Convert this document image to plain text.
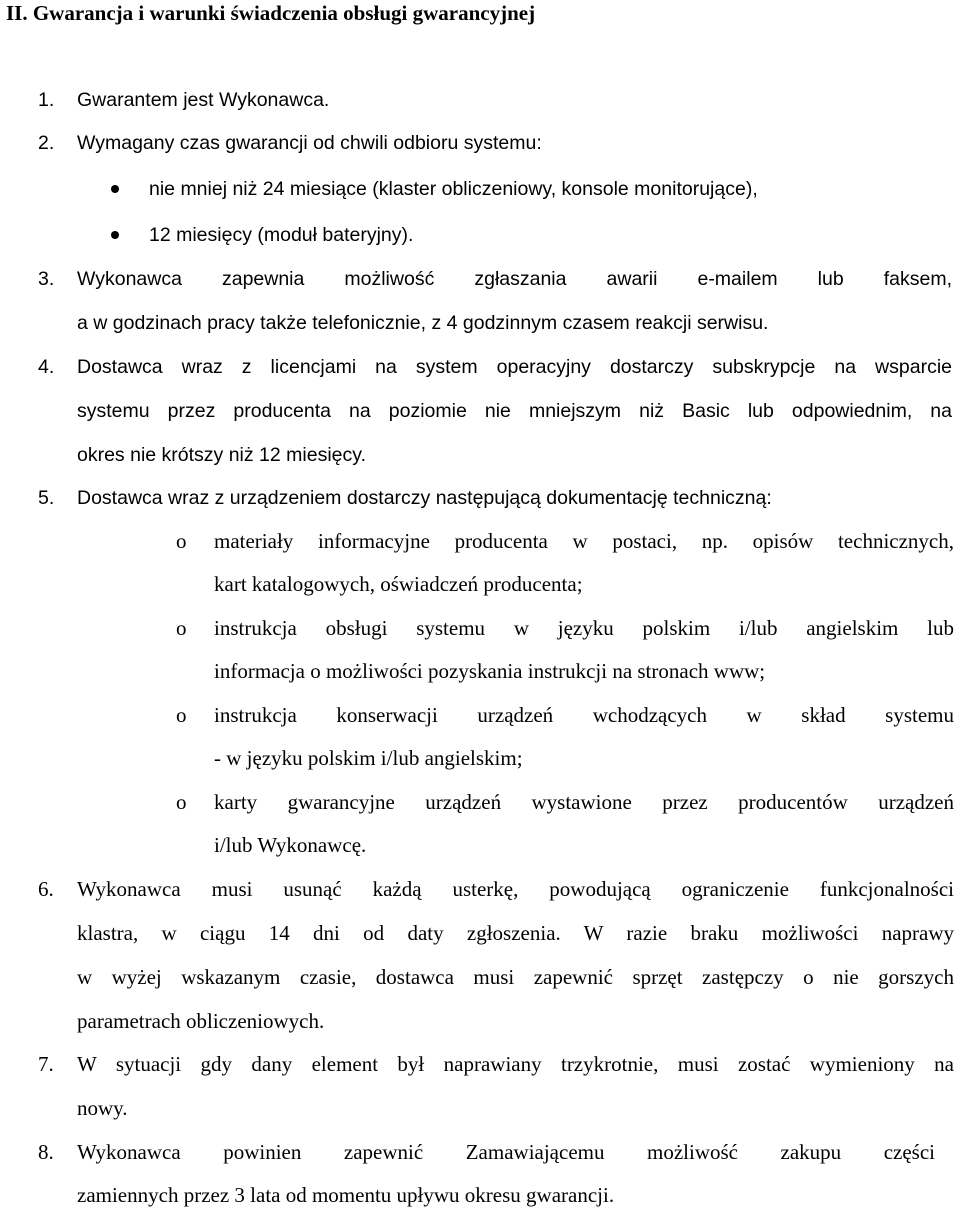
II. Gwarancja i warunki świadczenia obsługi gwarancyjnej
1. Gwarantem jest Wykonawca.
2. Wymagany czas gwarancji od chwili odbioru systemu:
nie mniej niż 24 miesiące (klaster obliczeniowy, konsole monitorujące),
12 miesięcy (moduł bateryjny).
3. Wykonawca zapewnia możliwość zgłaszania awarii e-mailem lub faksem,
a w godzinach pracy także telefonicznie, z 4 godzinnym czasem reakcji serwisu.
4. Dostawca wraz z licencjami na system operacyjny dostarczy subskrypcje na wsparcie
systemu przez producenta na poziomie nie mniejszym niż Basic lub odpowiednim, na
okres nie krótszy niż 12 miesięcy.
5. Dostawca wraz z urządzeniem dostarczy następującą dokumentację techniczną:
o materiały informacyjne producenta w postaci, np. opisów technicznych,
kart katalogowych, oświadczeń producenta;
o instrukcja obsługi systemu w języku polskim i/lub angielskim lub
informacja o możliwości pozyskania instrukcji na stronach www;
o instrukcja konserwacji urządzeń wchodzących w skład systemu
- w języku polskim i/lub angielskim;
o karty gwarancyjne urządzeń wystawione przez producentów urządzeń
i/lub Wykonawcę.
6. Wykonawca musi usunąć każdą usterkę, powodującą ograniczenie funkcjonalności
klastra, w ciągu 14 dni od daty zgłoszenia. W razie braku możliwości naprawy
w wyżej wskazanym czasie, dostawca musi zapewnić sprzęt zastępczy o nie gorszych
parametrach obliczeniowych.
7. W sytuacji gdy dany element był naprawiany trzykrotnie, musi zostać wymieniony na
nowy.
8. Wykonawca powinien zapewnić Zamawiającemu możliwość zakupu części
zamiennych przez 3 lata od momentu upływu okresu gwarancji.
